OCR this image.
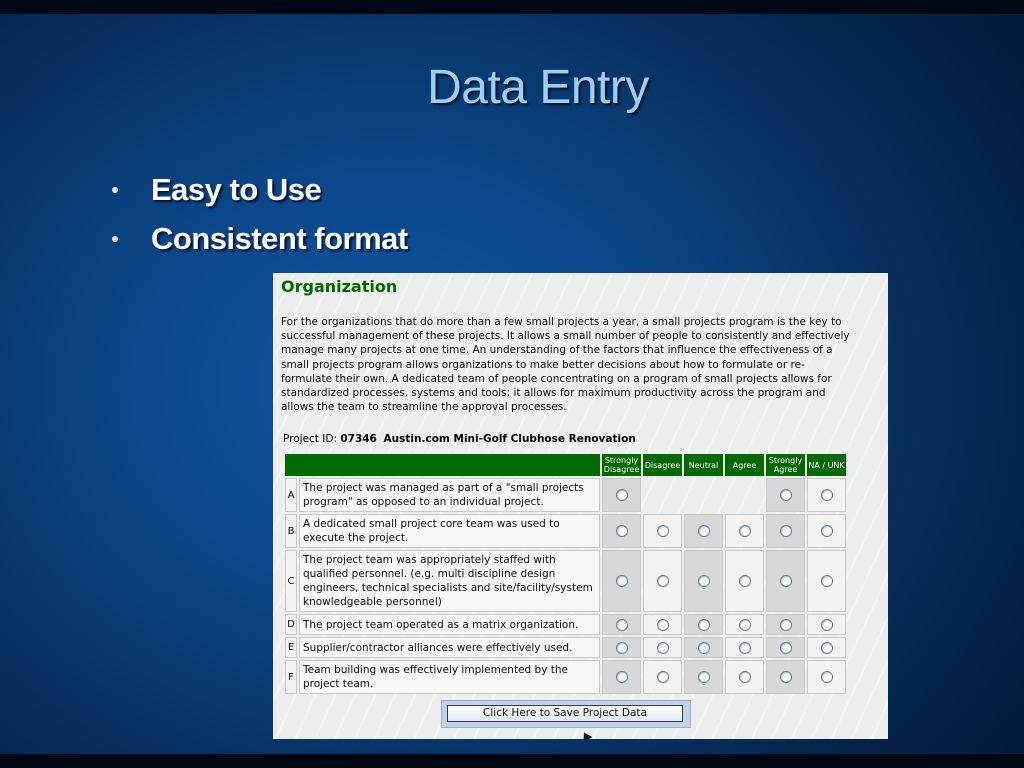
Data Entry
Easy to Use
Consistent format
Organization

For the organizations that do more than a few small projects a year, a small projects program is the key to successful management of these projects. It allows a small number of people to consistently and effectively manage many projects at one time. An understanding of the factors that influence the effectiveness of a small projects program allows organizations to make better decisions about how to formulate or re-formulate their own. A dedicated team of people concentrating on a program of small projects allows for standardized processes, systems and tools; it allows for maximum productivity across the program and allows the team to streamline the approval processes.

Project ID: 07346 Austin.com Mini-Golf Clubhose Renovation
		Strongly Disagree	Disagree	Neutral	Agree	Strongly Agree	NA / UNK
A	The project was managed as part of a "small projects program" as opposed to an individual project.						
B	A dedicated small project core team was used to execute the project.						
C	The project team was appropriately staffed with qualified personnel. (e.g. multi discipline design engineers, technical specialists and site/facility/system knowledgeable personnel)						
D	The project team operated as a matrix organization.						
E	Supplier/contractor alliances were effectively used.						
F	Team building was effectively implemented by the project team.						
Click Here to Save Project Data
